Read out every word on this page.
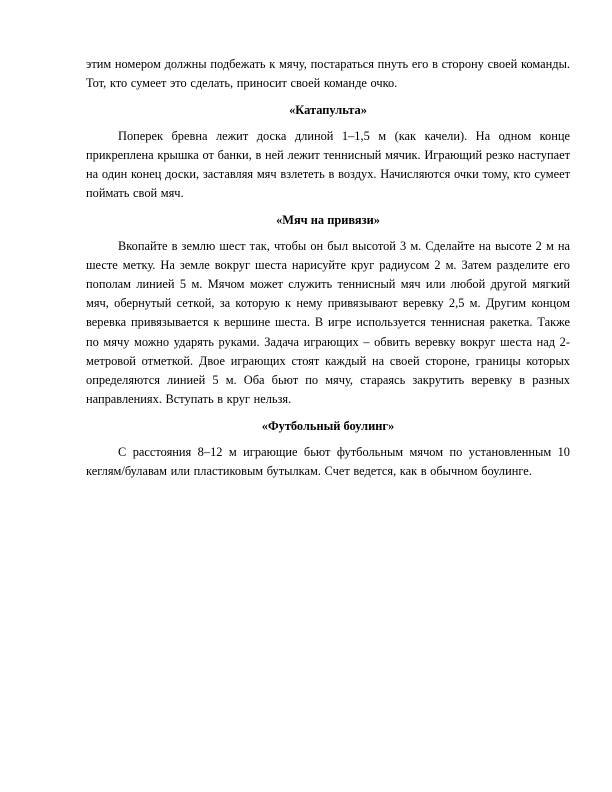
этим номером должны подбежать к мячу, постараться пнуть его в сторону своей команды. Тот, кто сумеет это сделать, приносит своей команде очко.

«Катапульта»

Поперек бревна лежит доска длиной 1–1,5 м (как качели). На одном конце прикреплена крышка от банки, в ней лежит теннисный мячик. Играющий резко наступает на один конец доски, заставляя мяч взлететь в воздух. Начисляются очки тому, кто сумеет поймать свой мяч.

«Мяч на привязи»

Вкопайте в землю шест так, чтобы он был высотой 3 м. Сделайте на высоте 2 м на шесте метку. На земле вокруг шеста нарисуйте круг радиусом 2 м. Затем разделите его пополам линией 5 м. Мячом может служить теннисный мяч или любой другой мягкий мяч, обернутый сеткой, за которую к нему привязывают веревку 2,5 м. Другим концом веревка привязывается к вершине шеста. В игре используется теннисная ракетка. Также по мячу можно ударять руками. Задача играющих – обвить веревку вокруг шеста над 2-метровой отметкой. Двое играющих стоят каждый на своей стороне, границы которых определяются линией 5 м. Оба бьют по мячу, стараясь закрутить веревку в разных направлениях. Вступать в круг нельзя.

«Футбольный боулинг»

С расстояния 8–12 м играющие бьют футбольным мячом по установленным 10 кеглям/булавам или пластиковым бутылкам. Счет ведется, как в обычном боулинге.
